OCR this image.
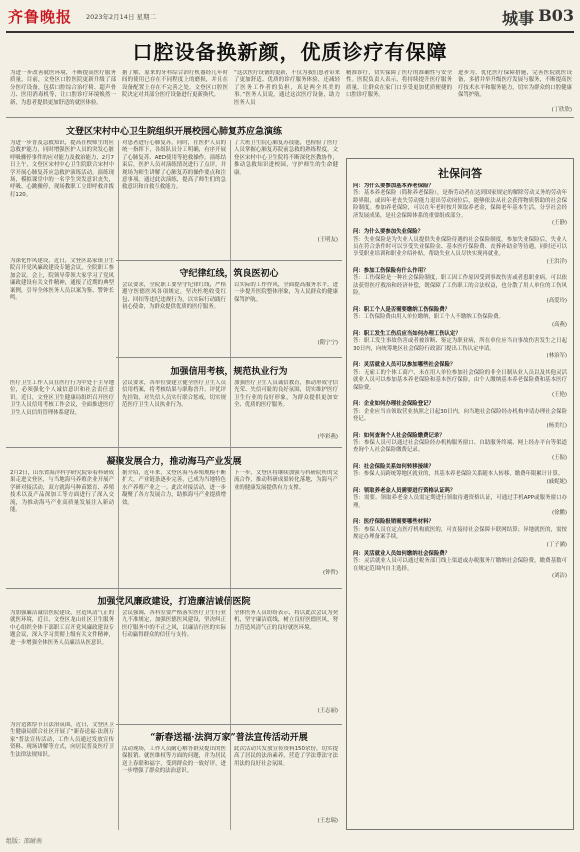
齐鲁晚报 2023年2月14日 星期二	城事 B03
口腔设备换新颜，优质诊疗有保障
为进一步改善就医环境，不断提高医疗服务质量，目前，文登区口腔医院更新升级了部分医疗设备，包括口腔综合治疗椅、超声骨刀、医用消毒机等，让口腔诊疗环境焕然一新，为患者提供更加舒适的就医体验。
据了解，原来的牙科综合治疗机器经几年时间的使用已存在不同程度上的磨损，并且在设备配置上存在不完善之处。文登区口腔医院决定对其部分医疗设备进行更新换代。
“这次医疗设备的更新，不仅为我们患者带来了更加舒适、优质的诊疗服务体验，还减轻了医务工作者的负担，真是两全其美的事。”医务人员说，通过这次医疗设备，助力医务人员
精准诊疗，切实保障了医疗的准确性与安全性。医院负责人表示，将持续提升医疗服务质量，让群众在家门口享受更加优质便捷的口腔诊疗服务。
进步为，优化医疗保障措施，完善医院就医设备，多措并举升级医疗发展与服务，不断提高医疗技术水平和服务能力，切实为群众的口腔健康保驾护航。
(丁欣欣)
文登区宋村中心卫生院组织开展校园心肺复苏应急演练
为进一步普及急救知识，提高在校师生的应急救护能力，同时增强医护人员的突发心脏呼吸骤停事件的应对能力及救治能力，2月7日上午，文登区宋村中心卫生院联合宋村中学开展心肺复苏应急救护演练活动。演练现场，模拟课堂中的一名学生突发意识丧失，呼吸、心跳骤停，现场教职工立即呼救并拨打120。
对患者进行心肺复苏，同时，在医护人员的统一指挥下，各组队员分工明确，有序开展了心肺复苏、AED使用等抢救操作。演练结束后，医护人员对演练情况进行了点评，并现场为师生讲解了心肺复苏的操作要点和注意事项。通过此次演练，提高了师生们的急救意识和自救互救能力。
了大班卫生院心肺复苏技能，也检验了医疗人员掌握心肺复苏院前急救的熟练程度。文登区宋村中心卫生院将不断深化医教协作，推动急救知识进校园，守护师生的生命健康。
(王明友)
守纪律红线，筑良医初心
为深化作风建设，近日，文登区葛家镇卫生院召开党风廉政建设专题会议，全院职工参加会议。会上，院领导带领大家学习了党风廉政建设有关文件精神，通报了近期的典型案例，引导全体医务人员以案为鉴、警钟长鸣。
会议要求，全院职工要坚守纪律红线，严格遵守医德医风各项规定，坚决杜绝收受红包、回扣等违纪违规行为，以实际行动践行初心使命，为群众提供优质的医疗服务。
以实际的工作作风，全面提高服务水平，进一步提升医院整体形象，为人民群众的健康保驾护航。
(隋宁宁)
加强信用考核，规范执业行为
医疗卫生工作人员在医疗行为中处于主导地位，必须强化个人诚信意识和社会责任意识。近日，文登区卫生健康局组织召开医疗卫生人员信用考核工作会议，全面推进医疗卫生人员信用管理体系建设。
会议要求，各单位要建立健全医疗卫生人员信用档案，将考核结果与职称晋升、评优评先挂钩，对失信人员实行联合惩戒，切实规范医疗卫生人员执业行为。
加强医疗卫生人员诚信教育，推动形成守信光荣、失信可耻的良好氛围，切实维护医疗卫生行业的良好形象，为群众提供更加安全、优质的医疗服务。
(毕彩燕)
凝聚发展合力，推动海马产业发展
2月2日，山东省海洋科学研究院带着科研成果走进文登区，与当地海马养殖企业开展产学研对接活动，双方就海马种苗繁育、养殖技术以及产品深加工等方面进行了深入交流，为推动海马产业高质量发展注入新动能。
据介绍，近年来，文登区海马养殖规模不断扩大，产业链条逐步完善，已成为当地特色水产养殖产业之一。此次对接活动，进一步凝聚了各方发展合力，助推海马产业提质增效。
下一步，文登区将继续加强与科研院所的交流合作，推动科研成果转化落地，为海马产业的健康发展提供有力支撑。
(钟哲)
加强党风廉政建设，打造廉洁诚信医院
为加强廉洁诚信医院建设，营造风清气正的就医环境，近日，文登区龙山社区卫生服务中心组织全体干部职工召开党风廉政建设专题会议，深入学习贯彻上级有关文件精神，进一步增强全体医务人员廉洁从医意识。
会议强调，各科室要严格落实医疗卫生行业九不准规定，加强医德医风建设，坚决纠正医疗服务中的不正之风，以廉洁行医的实际行动赢得群众的信任与支持。
全体医务人员纷纷表示，将以此次会议为契机，坚守廉洁底线，树立良好医德医风，努力营造风清气正的良好就医环境。
(王志丽)
“新春送福·法润万家”普法宣传活动开展
为营造浓厚节日法治氛围，近日，文登区卫生健康局联合社区开展了“新春送福·法润万家”普法宣传活动，工作人员通过发放宣传资料、现场讲解等方式，向居民普及医疗卫生法律法规知识。
活动现场，工作人员耐心解答群众提出的医保报销、就医维权等方面的问题，并为居民送上春联和福字，受到群众的一致好评，进一步增强了群众的法治意识。
此次活动共发放宣传资料150余份，切实提高了居民的法治素养，营造了学法尊法守法用法的良好社会氛围。
(王忠瑞)
社保问答
问：为什么要参加基本养老保险？
答：基本养老保险（简称养老保险），是指劳动者在达到国家规定的解除劳动义务的劳动年龄界限，或因年老丧失劳动能力退出劳动岗位后，能够依法从社会获得物质帮助的社会保险制度。参加养老保险，可以在年老时按月领取养老金，保障老年基本生活，分享社会经济发展成果，是社会保障体系的重要组成部分。
(王静)
问：为什么要参加失业保险？
答：失业保险是为失业人员提供失业保险待遇的社会保险制度。参加失业保险后，失业人员在符合条件时可以享受失业保险金、基本医疗保险费、丧葬补助金等待遇，同时还可以享受职业培训和职业介绍补贴，帮助失业人员尽快实现再就业。
(王洪洋)
问：参加工伤保险有什么作用？
答：工伤保险是一种社会保险制度，职工因工作原因受到事故伤害或者患职业病，可以依法获得医疗救治和经济补偿，既保障了工伤职工的合法权益，也分散了用人单位的工伤风险。
(高爱玲)
问：职工个人是否需要缴纳工伤保险费？
答：工伤保险费由用人单位缴纳，职工个人不缴纳工伤保险费。
(高燕)
问：职工发生工伤后应当如何办理工伤认定？
答：职工发生事故伤害或者被诊断、鉴定为职业病，所在单位应当自事故伤害发生之日起30日内，向统筹地区社会保险行政部门提出工伤认定申请。
(林治军)
问：灵活就业人员可以参加哪些社会保险？
答：无雇工的个体工商户、未在用人单位参加社会保险的非全日制从业人员以及其他灵活就业人员可以参加基本养老保险和基本医疗保险，由个人缴纳基本养老保险费和基本医疗保险费。
(王艳)
问：企业如何办理社会保险登记？
答：企业应当自领取营业执照之日起30日内，向当地社会保险经办机构申请办理社会保险登记。
(杨美红)
问：如何查询个人社会保险缴费记录？
答：参保人员可以通过社会保险经办机构服务窗口、自助服务终端、网上经办平台等渠道查询个人社会保险缴费记录。
(王振)
问：社会保险关系如何转移接续？
答：参保人员跨统筹地区就业的，其基本养老保险关系随本人转移，缴费年限累计计算。
(戚妮妮)
问：领取养老金人员需要进行资格认证吗？
答：需要。领取养老金人员需定期进行领取待遇资格认证，可通过手机APP或服务窗口办理。
(徐鹏)
问：医疗保险报销需要哪些材料？
答：参保人员在定点医疗机构就医的，可直接持社会保障卡联网结算；异地就医的，需按规定办理备案手续。
(丁子涵)
问：灵活就业人员如何缴纳社会保险费？
答：灵活就业人员可以通过税务部门线上渠道或办税服务厅缴纳社会保险费，缴费基数可在规定范围内自主选择。
(刘洁)
组版：邵耐南
